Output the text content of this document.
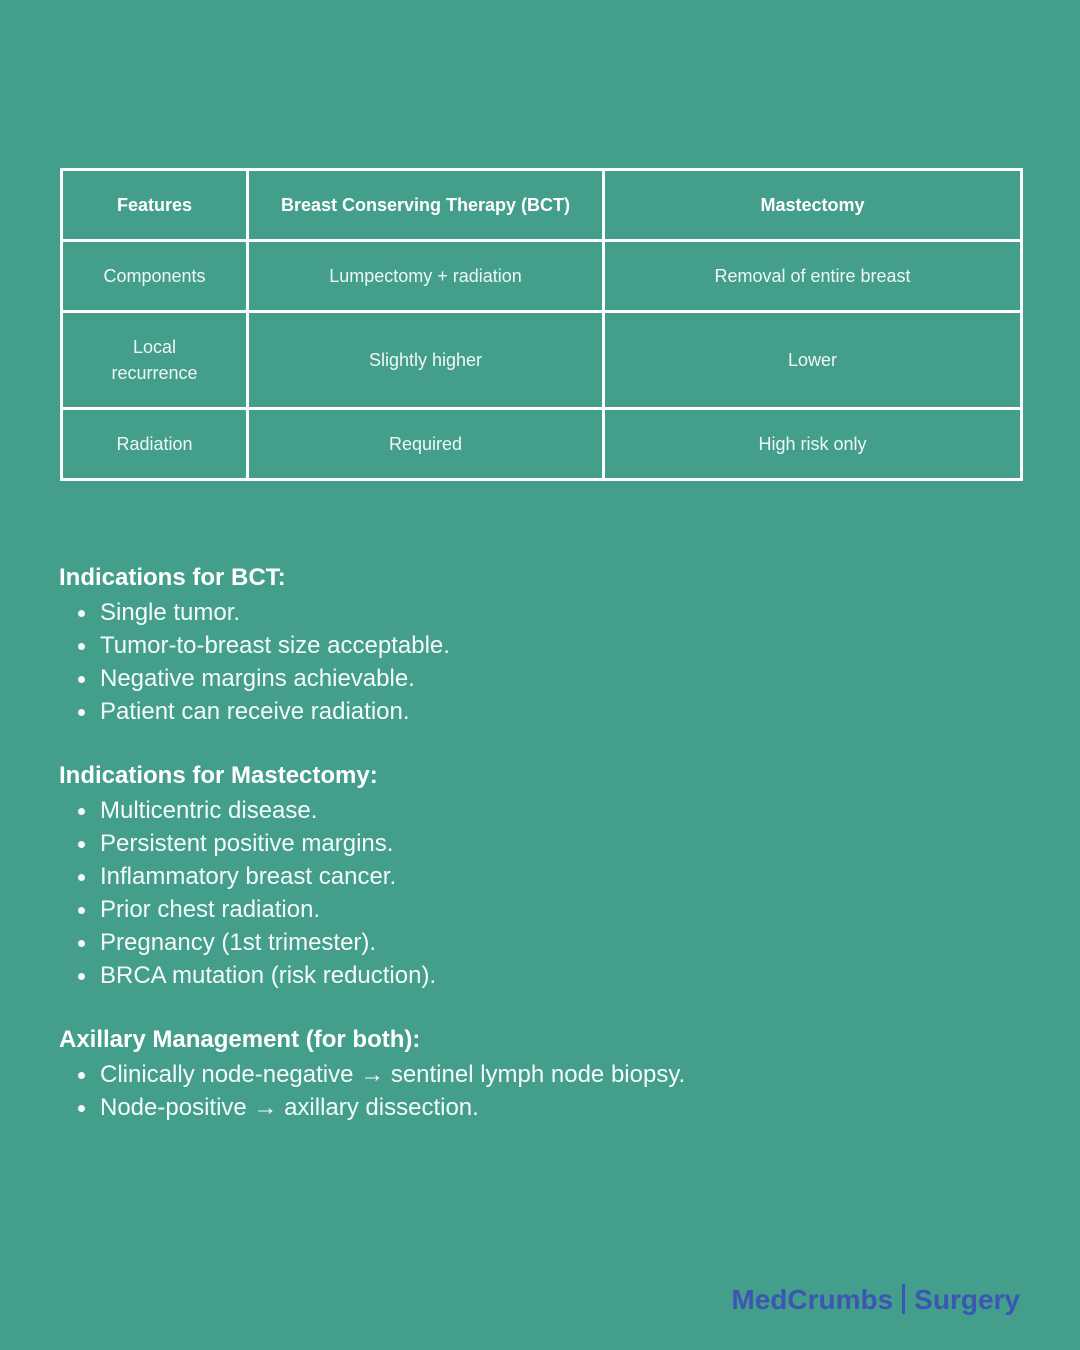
Features	Breast Conserving Therapy (BCT)	Mastectomy
Components	Lumpectomy + radiation	Removal of entire breast

Local
recurrence	Slightly higher	Lower
Radiation	Required	High risk only
Indications for BCT:
Single tumor.
Tumor-to-breast size acceptable.
Negative margins achievable.
Patient can receive radiation.
Indications for Mastectomy:
Multicentric disease.
Persistent positive margins.
Inflammatory breast cancer.
Prior chest radiation.
Pregnancy (1st trimester).
BRCA mutation (risk reduction).
Axillary Management (for both):
Clinically node-negative → sentinel lymph node biopsy.
Node-positive → axillary dissection.
MedCrumbs Surgery
